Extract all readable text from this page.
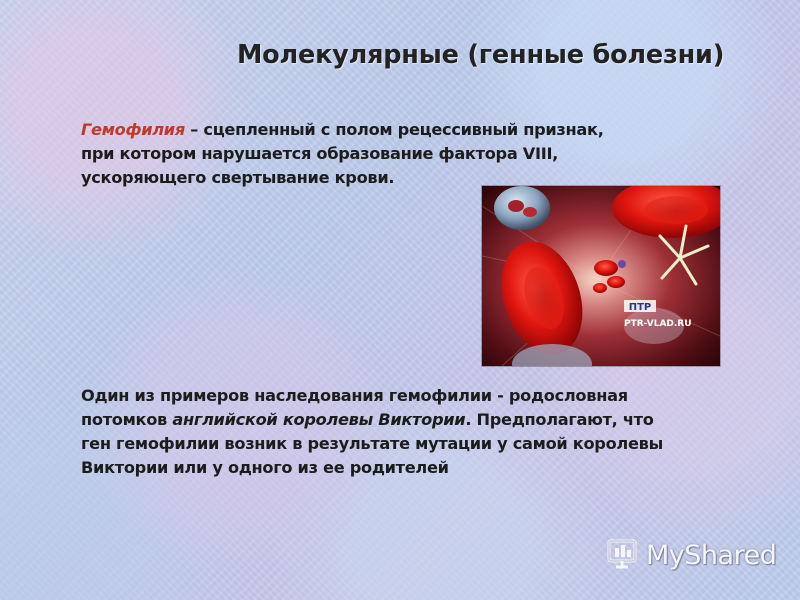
Молекулярные (генные болезни)
Гемофилия – сцепленный с полом рецессивный признак,
при котором нарушается образование фактора VIII,
ускоряющего свертывание крови.
ПТР
PTR-VLAD.RU
Один из примеров наследования гемофилии - родословная
потомков английской королевы Виктории. Предполагают, что
ген гемофилии возник в результате мутации у самой королевы
Виктории или у одного из ее родителей
MyShared
